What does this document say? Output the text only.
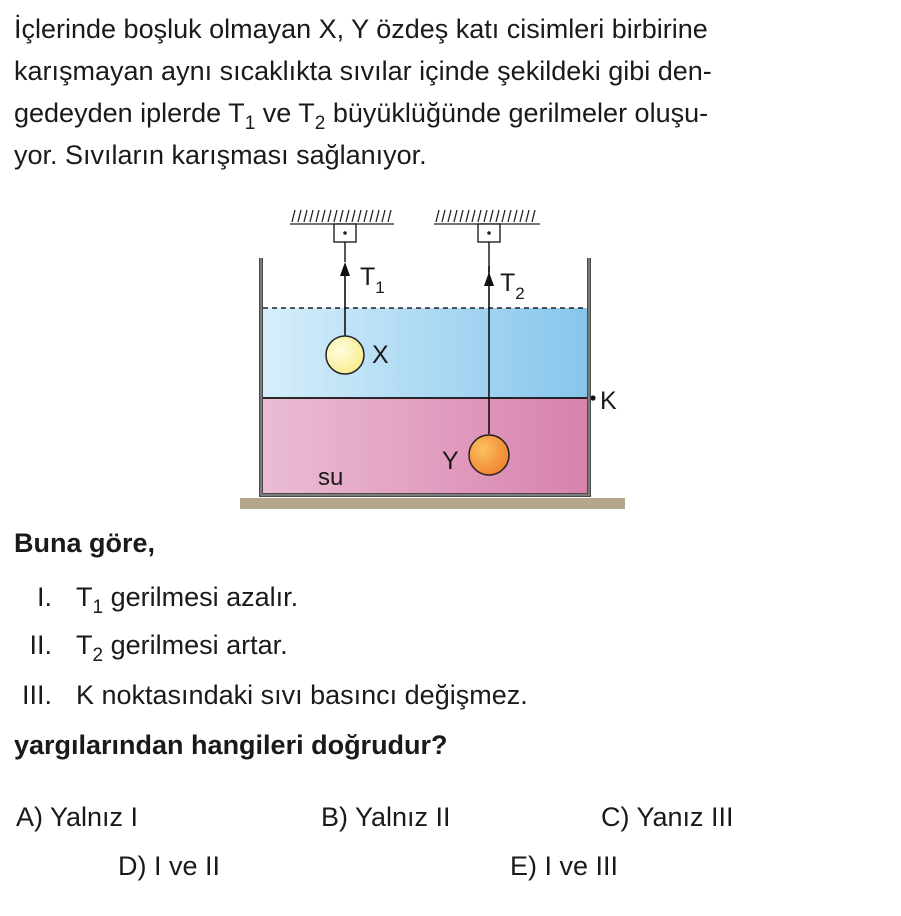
İçlerinde boşluk olmayan X, Y özdeş katı cisimleri birbirine
karışmayan aynı sıcaklıkta sıvılar içinde şekildeki gibi den-
gedeyden iplerde $T_1$ ve $T_2$ büyüklüğünde gerilmeler oluşu-
yor. Sıvıların karışması sağlanıyor.
$T_1$	$T_2$
X
Y
K
su

Buna göre,

I. $T_1$ gerilmesi azalır.
II. $T_2$ gerilmesi artar.
III. K noktasındaki sıvı basıncı değişmez.

yargılarından hangileri doğrudur?

A) Yalnız I	B) Yalnız II	C) Yanız III
D) I ve II	E) I ve III
